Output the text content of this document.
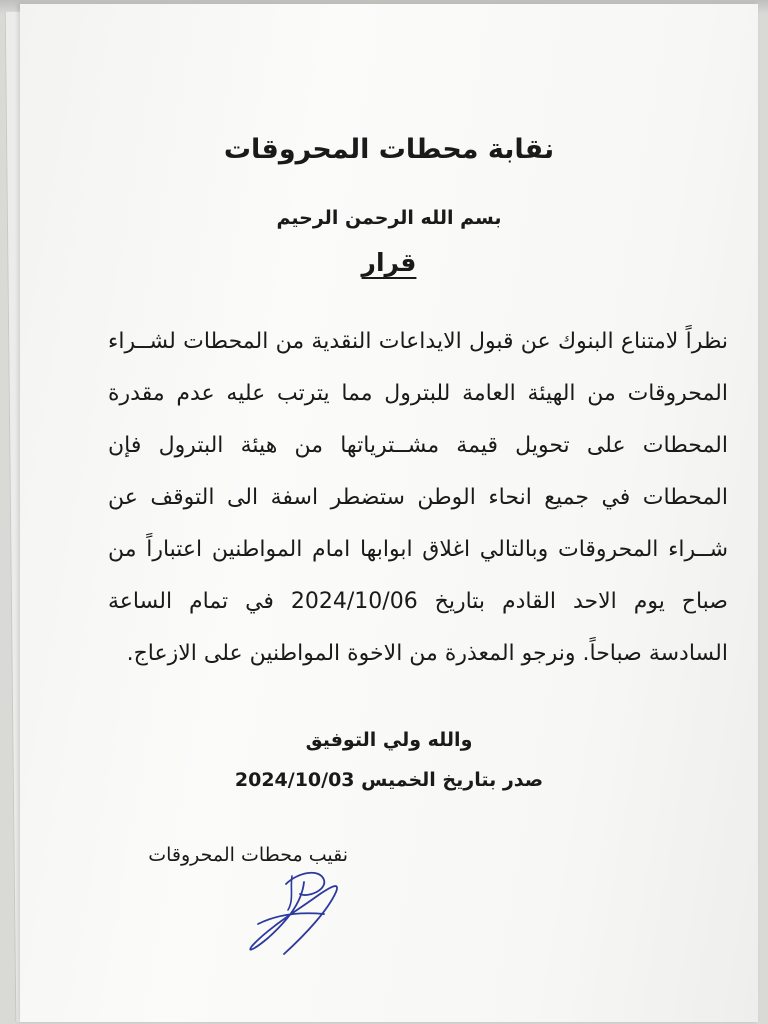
نقابة محطات المحروقات
بسم الله الرحمن الرحيم
قرار

نظراً لامتناع البنوك عن قبول الايداعات النقدية من المحطات لشــراء المحروقات من الهيئة العامة للبترول مما يترتب عليه عدم مقدرة المحطات على تحويل قيمة مشــترياتها من هيئة البترول فإن المحطات في جميع انحاء الوطن ستضطر اسفة الى التوقف عن شــراء المحروقات وبالتالي اغلاق ابوابها امام المواطنين اعتباراً من صباح يوم الاحد القادم بتاريخ 2024/10/06 في تمام الساعة السادسة صباحاً. ونرجو المعذرة من الاخوة المواطنين على الازعاج.

والله ولي التوفيق
صدر بتاريخ الخميس 2024/10/03
نقيب محطات المحروقات
